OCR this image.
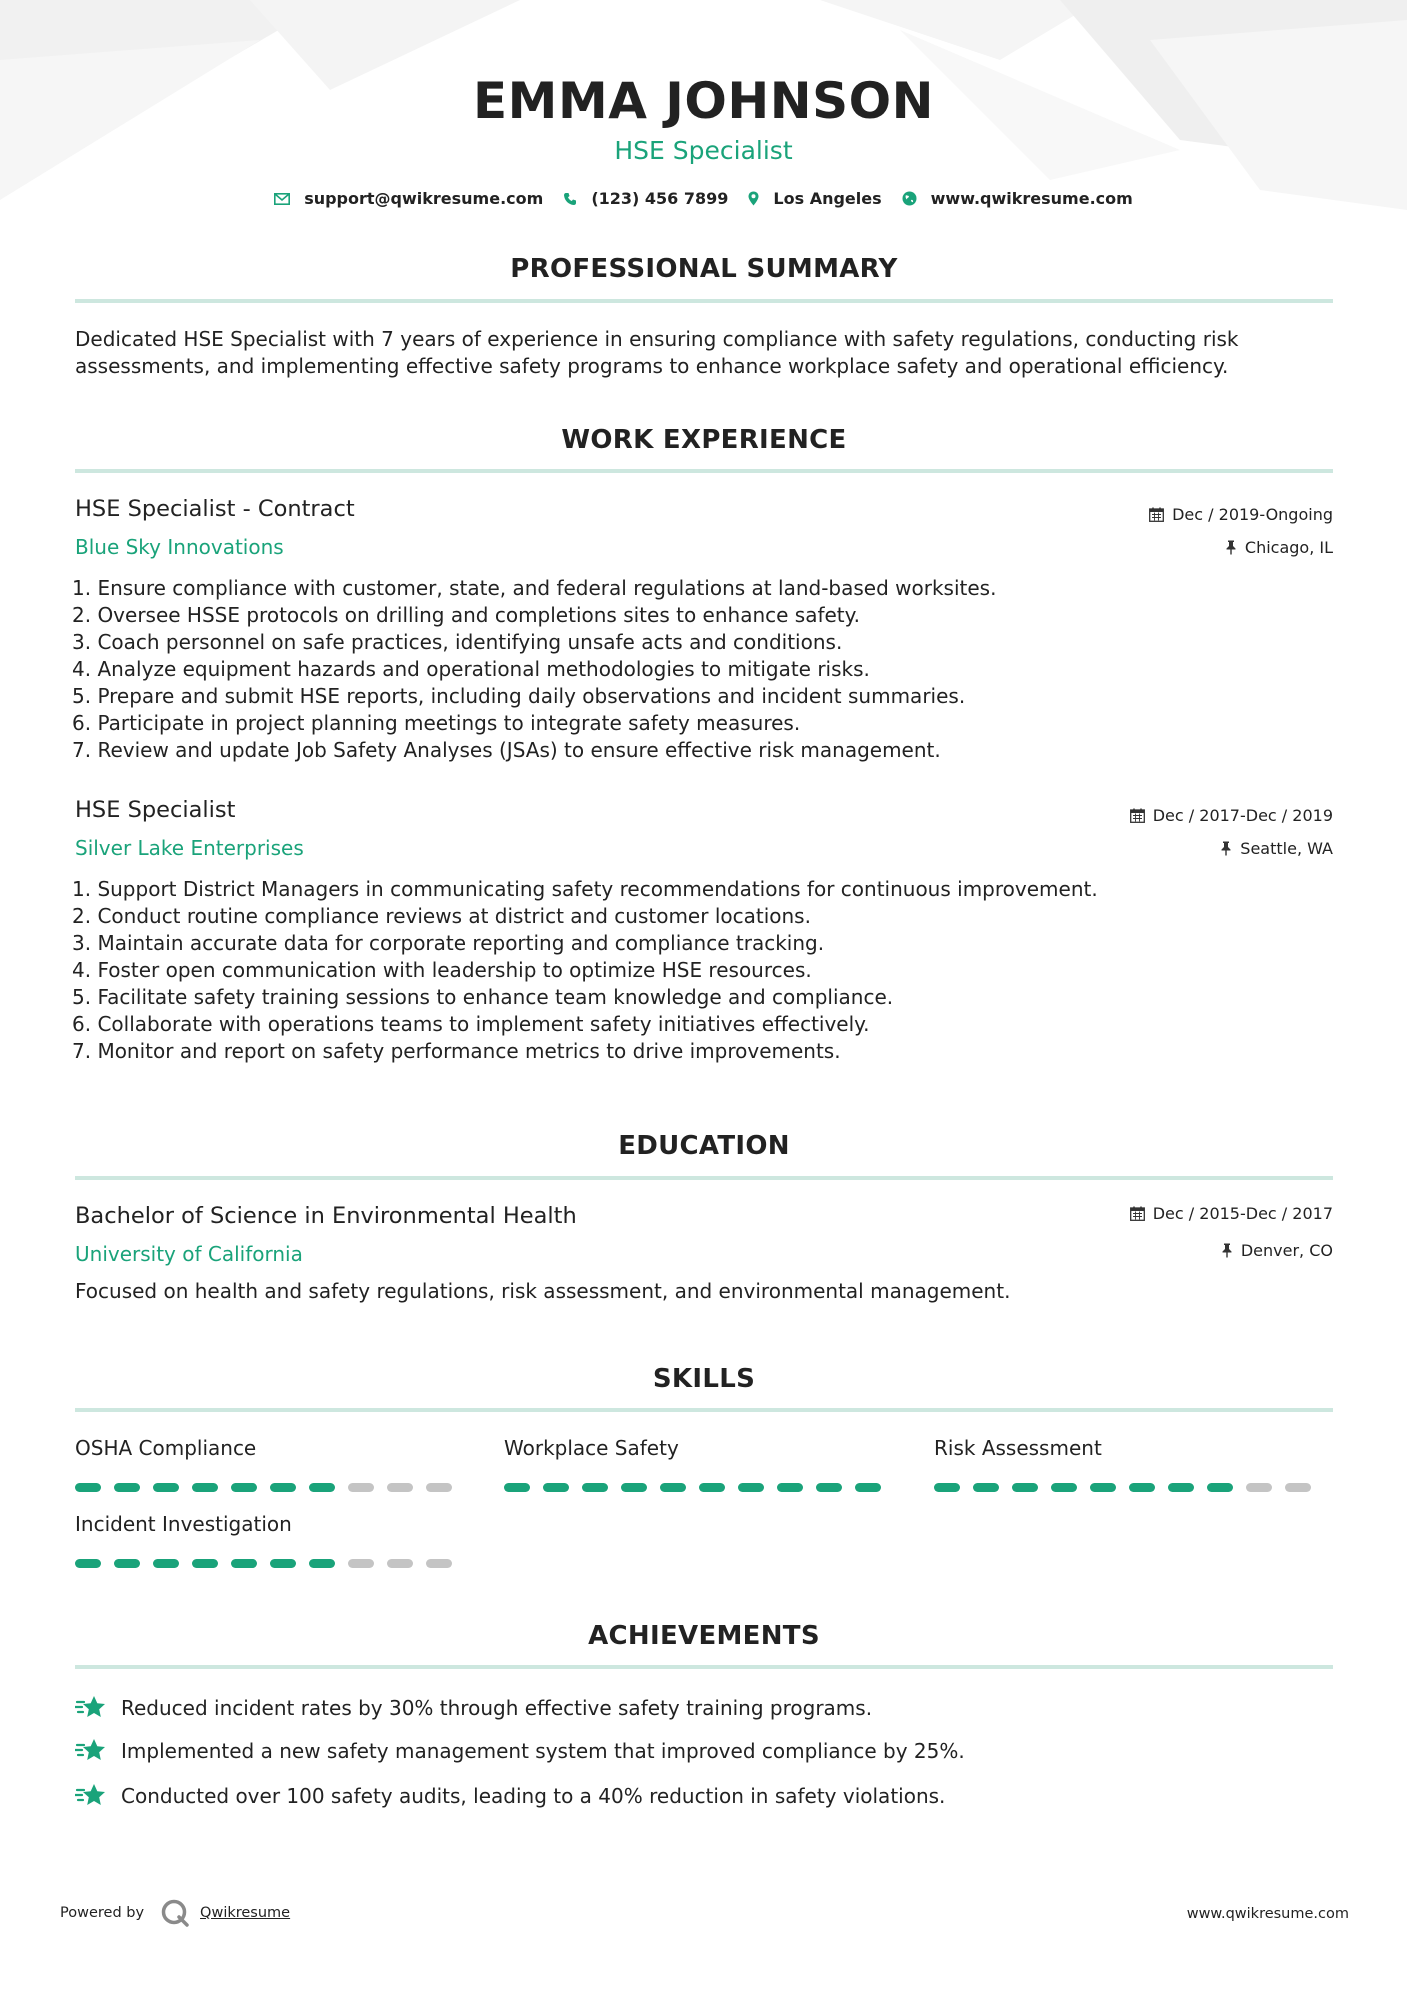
EMMA JOHNSON
HSE Specialist
support@qwikresume.com	(123) 456 7899	Los Angeles	www.qwikresume.com
PROFESSIONAL SUMMARY
Dedicated HSE Specialist with 7 years of experience in ensuring compliance with safety regulations, conducting risk
assessments, and implementing effective safety programs to enhance workplace safety and operational efficiency.
WORK EXPERIENCE
HSE Specialist - Contract
Blue Sky Innovations
Dec / 2019-Ongoing
Chicago, IL
1. Ensure compliance with customer, state, and federal regulations at land-based worksites.
2. Oversee HSSE protocols on drilling and completions sites to enhance safety.
3. Coach personnel on safe practices, identifying unsafe acts and conditions.
4. Analyze equipment hazards and operational methodologies to mitigate risks.
5. Prepare and submit HSE reports, including daily observations and incident summaries.
6. Participate in project planning meetings to integrate safety measures.
7. Review and update Job Safety Analyses (JSAs) to ensure effective risk management.
HSE Specialist
Silver Lake Enterprises
Dec / 2017-Dec / 2019
Seattle, WA
1. Support District Managers in communicating safety recommendations for continuous improvement.
2. Conduct routine compliance reviews at district and customer locations.
3. Maintain accurate data for corporate reporting and compliance tracking.
4. Foster open communication with leadership to optimize HSE resources.
5. Facilitate safety training sessions to enhance team knowledge and compliance.
6. Collaborate with operations teams to implement safety initiatives effectively.
7. Monitor and report on safety performance metrics to drive improvements.
EDUCATION
Bachelor of Science in Environmental Health
University of California
Dec / 2015-Dec / 2017
Denver, CO
Focused on health and safety regulations, risk assessment, and environmental management.
SKILLS
OSHA Compliance	Workplace Safety	Risk Assessment
Incident Investigation
ACHIEVEMENTS
Reduced incident rates by 30% through effective safety training programs.
Implemented a new safety management system that improved compliance by 25%.
Conducted over 100 safety audits, leading to a 40% reduction in safety violations.
Powered by	Qwikresume	www.qwikresume.com
